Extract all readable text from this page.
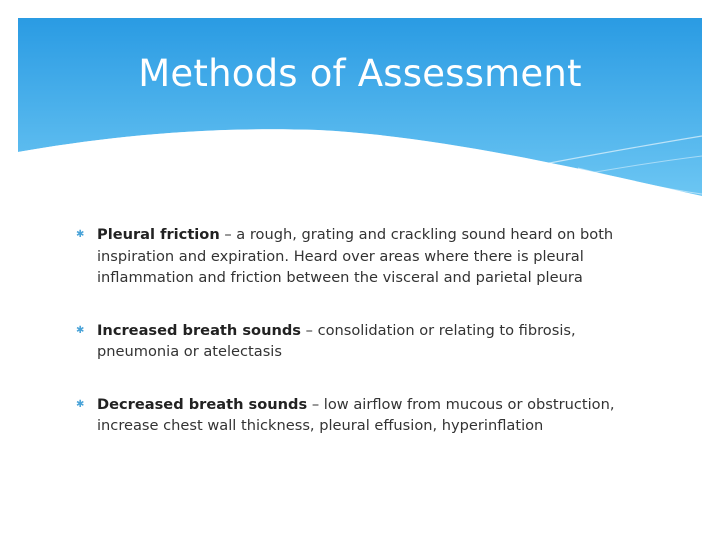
Methods of Assessment
✱ Pleural friction – a rough, grating and crackling sound heard on both inspiration and expiration. Heard over areas where there is pleural inflammation and friction between the visceral and parietal pleura
✱ Increased breath sounds – consolidation or relating to fibrosis, pneumonia or atelectasis
✱ Decreased breath sounds – low airflow from mucous or obstruction, increase chest wall thickness, pleural effusion, hyperinflation
